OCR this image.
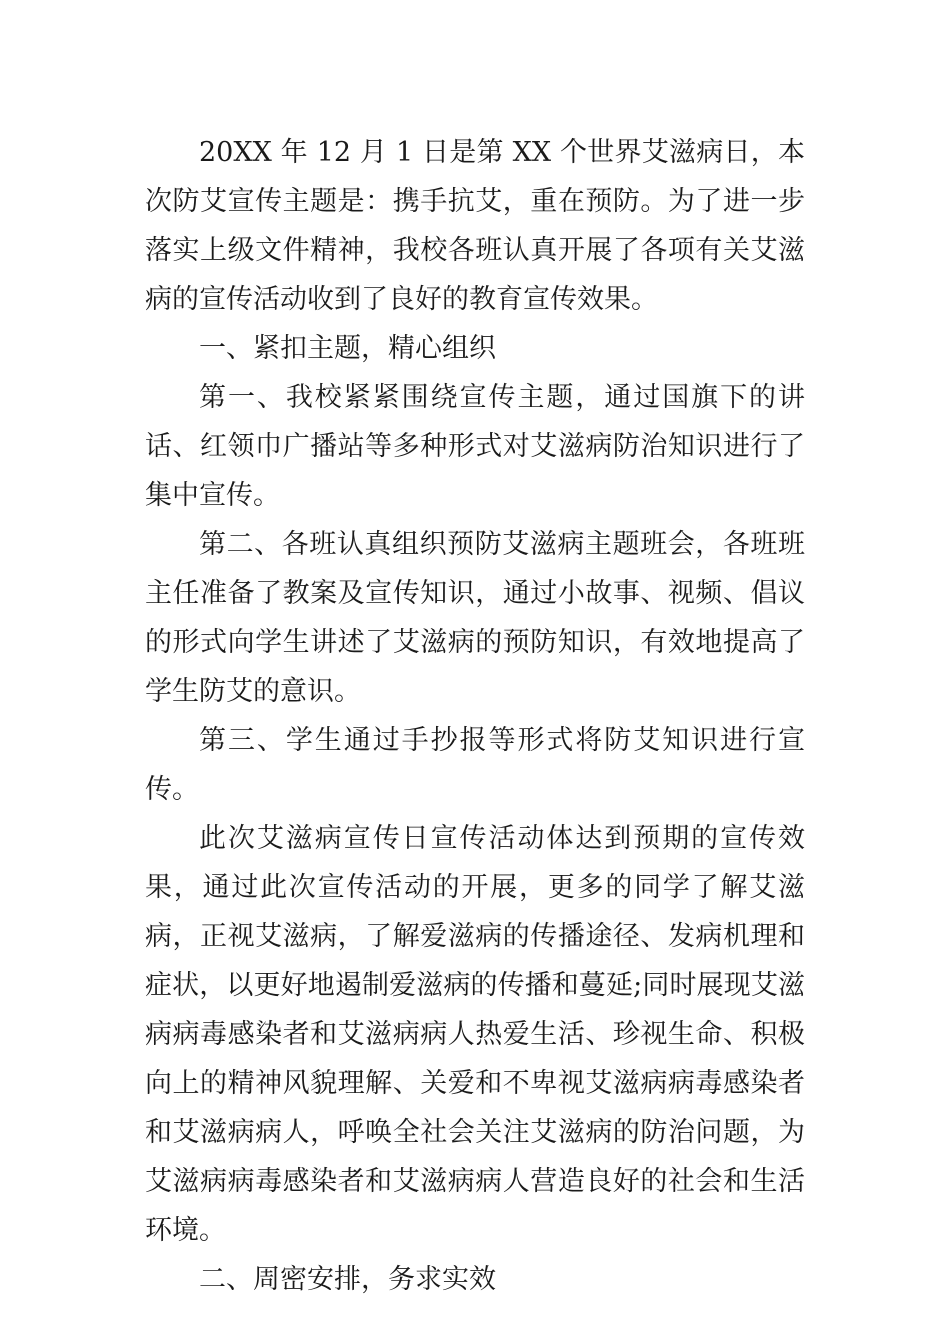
20XX 年 12 月 1 日是第 XX 个世界艾滋病日，本次防艾宣传主题是：携手抗艾，重在预防。为了进一步落实上级文件精神，我校各班认真开展了各项有关艾滋病的宣传活动收到了良好的教育宣传效果。

一、紧扣主题，精心组织

第一、我校紧紧围绕宣传主题，通过国旗下的讲话、红领巾广播站等多种形式对艾滋病防治知识进行了集中宣传。

第二、各班认真组织预防艾滋病主题班会，各班班主任准备了教案及宣传知识，通过小故事、视频、倡议的形式向学生讲述了艾滋病的预防知识，有效地提高了学生防艾的意识。

第三、学生通过手抄报等形式将防艾知识进行宣传。

此次艾滋病宣传日宣传活动体达到预期的宣传效果，通过此次宣传活动的开展，更多的同学了解艾滋病，正视艾滋病，了解爱滋病的传播途径、发病机理和症状，以更好地遏制爱滋病的传播和蔓延;同时展现艾滋病病毒感染者和艾滋病病人热爱生活、珍视生命、积极向上的精神风貌理解、关爱和不卑视艾滋病病毒感染者和艾滋病病人，呼唤全社会关注艾滋病的防治问题，为艾滋病病毒感染者和艾滋病病人营造良好的社会和生活环境。

二、周密安排，务求实效
